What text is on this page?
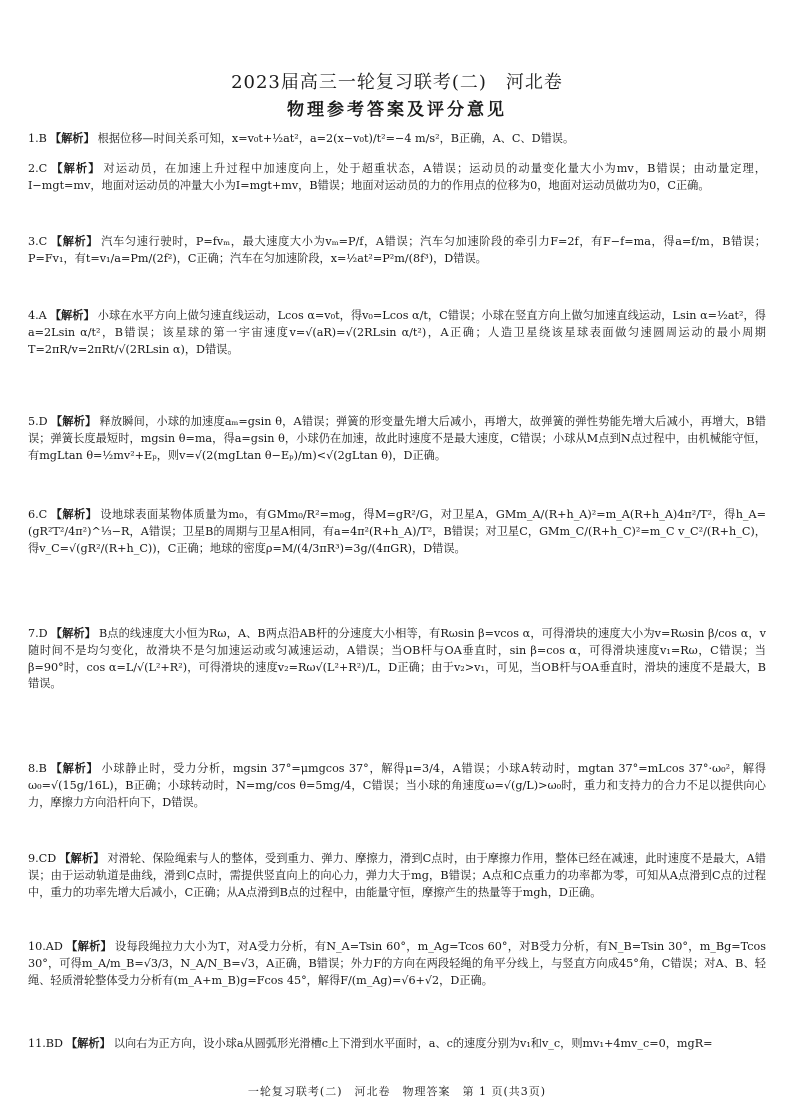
2023届高三一轮复习联考(二)　河北卷
物理参考答案及评分意见
1.B 【解析】 根据位移—时间关系可知，x=v₀t+½at²，a=2(x−v₀t)/t²=−4 m/s²，B正确，A、C、D错误。
2.C 【解析】 对运动员，在加速上升过程中加速度向上，处于超重状态，A错误；运动员的动量变化量大小为mv，B错误；由动量定理，I−mgt=mv，地面对运动员的冲量大小为I=mgt+mv，B错误；地面对运动员的力的作用点的位移为0，地面对运动员做功为0，C正确。
3.C 【解析】 汽车匀速行驶时，P=fvₘ，最大速度大小为vₘ=P/f，A错误；汽车匀加速阶段的牵引力F=2f，有F−f=ma，得a=f/m，B错误；P=Fv₁，有t=v₁/a=Pm/(2f²)，C正确；汽车在匀加速阶段，x=½at²=P²m/(8f³)，D错误。
4.A 【解析】 小球在水平方向上做匀速直线运动，Lcos α=v₀t，得v₀=Lcos α/t，C错误；小球在竖直方向上做匀加速直线运动，Lsin α=½at²，得a=2Lsin α/t²，B错误；该星球的第一宇宙速度v=√(aR)=√(2RLsin α/t²)，A正确；人造卫星绕该星球表面做匀速圆周运动的最小周期T=2πR/v=2πRt/√(2RLsin α)，D错误。
5.D 【解析】 释放瞬间，小球的加速度aₘ=gsin θ，A错误；弹簧的形变量先增大后减小，再增大，故弹簧的弹性势能先增大后减小，再增大，B错误；弹簧长度最短时，mgsin θ=ma，得a=gsin θ，小球仍在加速，故此时速度不是最大速度，C错误；小球从M点到N点过程中，由机械能守恒，有mgLtan θ=½mv²+Eₚ，则v=√(2(mgLtan θ−Eₚ)/m)<√(2gLtan θ)，D正确。
6.C 【解析】 设地球表面某物体质量为m₀，有GMm₀/R²=m₀g，得M=gR²/G，对卫星A，GMm_A/(R+h_A)²=m_A(R+h_A)4π²/T²，得h_A=(gR²T²/4π²)^⅓−R，A错误；卫星B的周期与卫星A相同，有a=4π²(R+h_A)/T²，B错误；对卫星C，GMm_C/(R+h_C)²=m_C v_C²/(R+h_C)，得v_C=√(gR²/(R+h_C))，C正确；地球的密度ρ=M/(4/3πR³)=3g/(4πGR)，D错误。
7.D 【解析】 B点的线速度大小恒为Rω，A、B两点沿AB杆的分速度大小相等，有Rωsin β=vcos α，可得滑块的速度大小为v=Rωsin β/cos α，v随时间不是均匀变化，故滑块不是匀加速运动或匀减速运动，A错误；当OB杆与OA垂直时，sin β=cos α，可得滑块速度v₁=Rω，C错误；当β=90°时，cos α=L/√(L²+R²)，可得滑块的速度v₂=Rω√(L²+R²)/L，D正确；由于v₂>v₁，可见，当OB杆与OA垂直时，滑块的速度不是最大，B错误。
8.B 【解析】 小球静止时，受力分析，mgsin 37°=μmgcos 37°，解得μ=3/4，A错误；小球A转动时，mgtan 37°=mLcos 37°·ω₀²，解得ω₀=√(15g/16L)，B正确；小球转动时，N=mg/cos θ=5mg/4，C错误；当小球的角速度ω=√(g/L)>ω₀时，重力和支持力的合力不足以提供向心力，摩擦力方向沿杆向下，D错误。
9.CD 【解析】 对滑轮、保险绳索与人的整体，受到重力、弹力、摩擦力，滑到C点时，由于摩擦力作用，整体已经在减速，此时速度不是最大，A错误；由于运动轨道是曲线，滑到C点时，需提供竖直向上的向心力，弹力大于mg，B错误；A点和C点重力的功率都为零，可知从A点滑到C点的过程中，重力的功率先增大后减小，C正确；从A点滑到B点的过程中，由能量守恒，摩擦产生的热量等于mgh，D正确。
10.AD 【解析】 设每段绳拉力大小为T，对A受力分析，有N_A=Tsin 60°，m_Ag=Tcos 60°，对B受力分析，有N_B=Tsin 30°，m_Bg=Tcos 30°，可得m_A/m_B=√3/3，N_A/N_B=√3，A正确，B错误；外力F的方向在两段轻绳的角平分线上，与竖直方向成45°角，C错误；对A、B、轻绳、轻质滑轮整体受力分析有(m_A+m_B)g=Fcos 45°，解得F/(m_Ag)=√6+√2，D正确。
11.BD 【解析】 以向右为正方向，设小球a从圆弧形光滑槽c上下滑到水平面时，a、c的速度分别为v₁和v_c，则mv₁+4mv_c=0，mgR=
一轮复习联考(二)　河北卷　物理答案　第 1 页(共3页)
